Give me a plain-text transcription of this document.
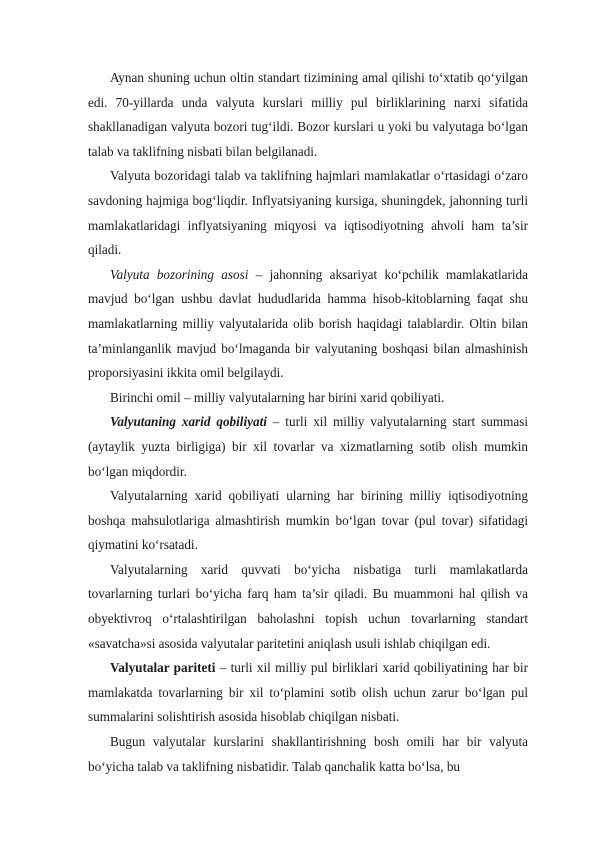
Aynan shuning uchun oltin standart tizimining amal qilishi to‘xtatib qo‘yilgan edi. 70-yillarda unda valyuta kurslari milliy pul birliklarining narxi sifatida shakllanadigan valyuta bozori tug‘ildi. Bozor kurslari u yoki bu valyutaga bo‘lgan talab va taklifning nisbati bilan belgilanadi.

Valyuta bozoridagi talab va taklifning hajmlari mamlakatlar o‘rtasidagi o‘zaro savdoning hajmiga bog‘liqdir. Inflyatsiyaning kursiga, shuningdek, jahonning turli mamlakatlaridagi inflyatsiyaning miqyosi va iqtisodiyotning ahvoli ham ta’sir qiladi.

Valyuta bozorining asosi – jahonning aksariyat ko‘pchilik mamlakatlarida mavjud bo‘lgan ushbu davlat hududlarida hamma hisob-kitoblarning faqat shu mamlakatlarning milliy valyutalarida olib borish haqidagi talablardir. Oltin bilan ta’minlanganlik mavjud bo‘lmaganda bir valyutaning boshqasi bilan almashinish proporsiyasini ikkita omil belgilaydi.

Birinchi omil – milliy valyutalarning har birini xarid qobiliyati.

Valyutaning xarid qobiliyati – turli xil milliy valyutalarning start summasi (aytaylik yuzta birligiga) bir xil tovarlar va xizmatlarning sotib olish mumkin bo‘lgan miqdordir.

Valyutalarning xarid qobiliyati ularning har birining milliy iqtisodiyotning boshqa mahsulotlariga almashtirish mumkin bo‘lgan tovar (pul tovar) sifatidagi qiymatini ko‘rsatadi.

Valyutalarning xarid quvvati bo‘yicha nisbatiga turli mamlakatlarda tovarlarning turlari bo‘yicha farq ham ta’sir qiladi. Bu muammoni hal qilish va obyektivroq o‘rtalashtirilgan baholashni topish uchun tovarlarning standart «savatcha»si asosida valyutalar paritetini aniqlash usuli ishlab chiqilgan edi.

Valyutalar pariteti – turli xil milliy pul birliklari xarid qobiliyatining har bir mamlakatda tovarlarning bir xil to‘plamini sotib olish uchun zarur bo‘lgan pul summalarini solishtirish asosida hisoblab chiqilgan nisbati.

Bugun valyutalar kurslarini shakllantirishning bosh omili har bir valyuta bo‘yicha talab va taklifning nisbatidir. Talab qanchalik katta bo‘lsa, bu
